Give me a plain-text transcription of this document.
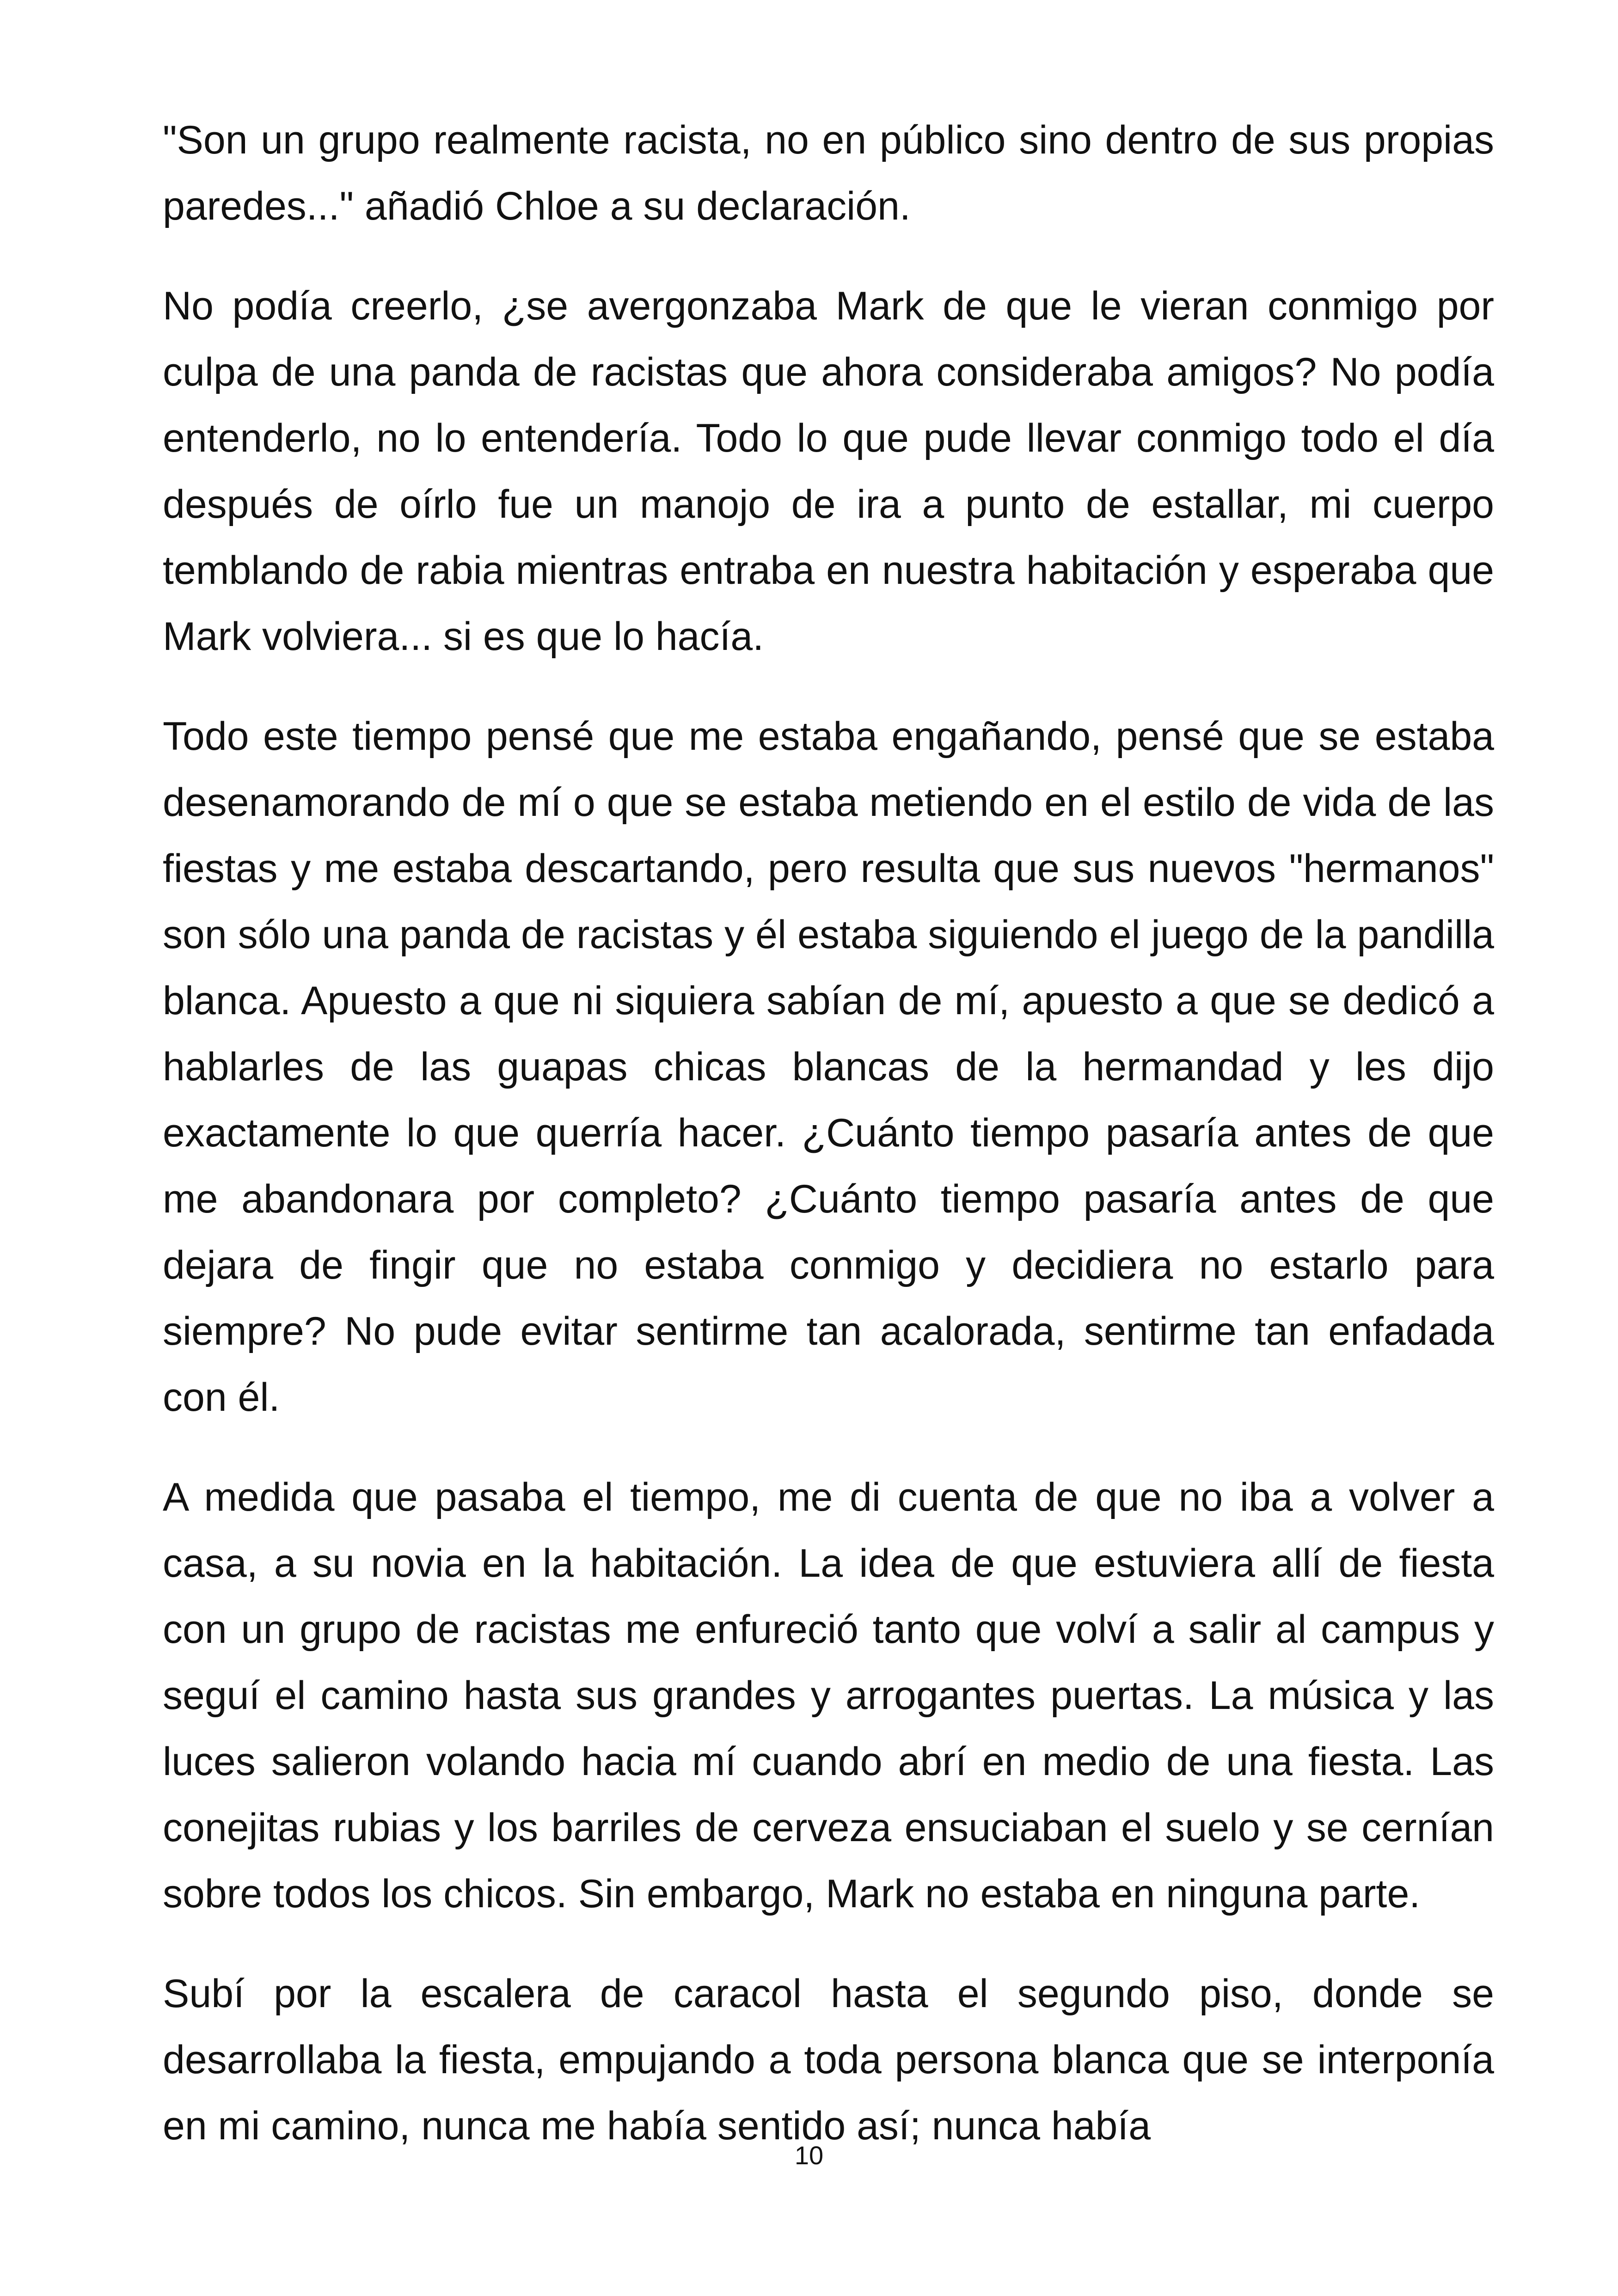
"Son un grupo realmente racista, no en público sino dentro de sus propias paredes..." añadió Chloe a su declaración.

No podía creerlo, ¿se avergonzaba Mark de que le vieran conmigo por culpa de una panda de racistas que ahora consideraba amigos? No podía entenderlo, no lo entendería. Todo lo que pude llevar conmigo todo el día después de oírlo fue un manojo de ira a punto de estallar, mi cuerpo temblando de rabia mientras entraba en nuestra habitación y esperaba que Mark volviera... si es que lo hacía.

Todo este tiempo pensé que me estaba engañando, pensé que se estaba desenamorando de mí o que se estaba metiendo en el estilo de vida de las fiestas y me estaba descartando, pero resulta que sus nuevos "hermanos" son sólo una panda de racistas y él estaba siguiendo el juego de la pandilla blanca. Apuesto a que ni siquiera sabían de mí, apuesto a que se dedicó a hablarles de las guapas chicas blancas de la hermandad y les dijo exactamente lo que querría hacer. ¿Cuánto tiempo pasaría antes de que me abandonara por completo? ¿Cuánto tiempo pasaría antes de que dejara de fingir que no estaba conmigo y decidiera no estarlo para siempre? No pude evitar sentirme tan acalorada, sentirme tan enfadada con él.

A medida que pasaba el tiempo, me di cuenta de que no iba a volver a casa, a su novia en la habitación. La idea de que estuviera allí de fiesta con un grupo de racistas me enfureció tanto que volví a salir al campus y seguí el camino hasta sus grandes y arrogantes puertas. La música y las luces salieron volando hacia mí cuando abrí en medio de una fiesta. Las conejitas rubias y los barriles de cerveza ensuciaban el suelo y se cernían sobre todos los chicos. Sin embargo, Mark no estaba en ninguna parte.

Subí por la escalera de caracol hasta el segundo piso, donde se desarrollaba la fiesta, empujando a toda persona blanca que se interponía en mi camino, nunca me había sentido así; nunca había

10
